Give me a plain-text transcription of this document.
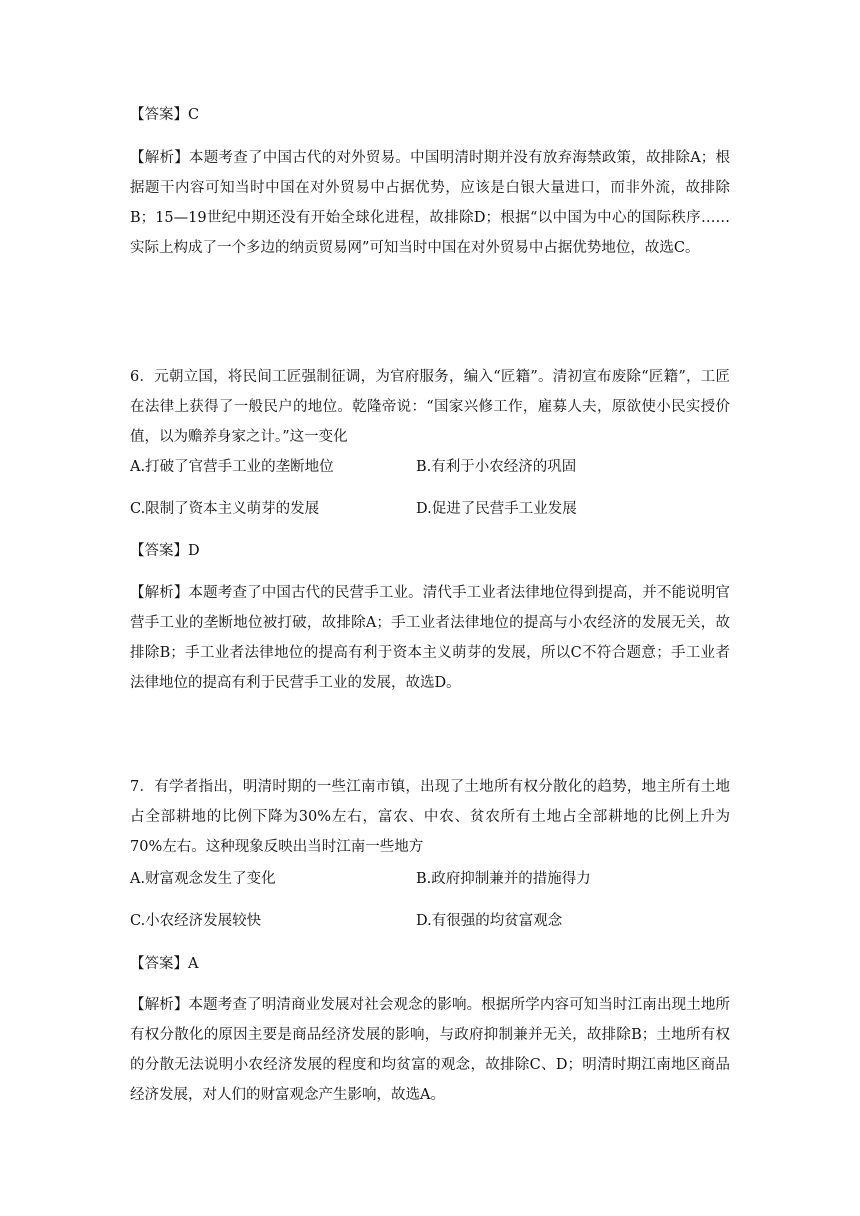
【答案】C
【解析】本题考查了中国古代的对外贸易。中国明清时期并没有放弃海禁政策，故排除A；根据题干内容可知当时中国在对外贸易中占据优势，应该是白银大量进口，而非外流，故排除B；15—19世纪中期还没有开始全球化进程，故排除D；根据“以中国为中心的国际秩序……实际上构成了一个多边的纳贡贸易网”可知当时中国在对外贸易中占据优势地位，故选C。
6．元朝立国，将民间工匠强制征调，为官府服务，编入“匠籍”。清初宣布废除“匠籍”，工匠在法律上获得了一般民户的地位。乾隆帝说：“国家兴修工作，雇募人夫，原欲使小民实授价值，以为赡养身家之计。”这一变化
A.打破了官营手工业的垄断地位	B.有利于小农经济的巩固
C.限制了资本主义萌芽的发展	D.促进了民营手工业发展
【答案】D
【解析】本题考查了中国古代的民营手工业。清代手工业者法律地位得到提高，并不能说明官营手工业的垄断地位被打破，故排除A；手工业者法律地位的提高与小农经济的发展无关，故排除B；手工业者法律地位的提高有利于资本主义萌芽的发展，所以C不符合题意；手工业者法律地位的提高有利于民营手工业的发展，故选D。
7．有学者指出，明清时期的一些江南市镇，出现了土地所有权分散化的趋势，地主所有土地占全部耕地的比例下降为30%左右，富农、中农、贫农所有土地占全部耕地的比例上升为70%左右。这种现象反映出当时江南一些地方
A.财富观念发生了变化	B.政府抑制兼并的措施得力
C.小农经济发展较快	D.有很强的均贫富观念
【答案】A
【解析】本题考查了明清商业发展对社会观念的影响。根据所学内容可知当时江南出现土地所有权分散化的原因主要是商品经济发展的影响，与政府抑制兼并无关，故排除B；土地所有权的分散无法说明小农经济发展的程度和均贫富的观念，故排除C、D；明清时期江南地区商品经济发展，对人们的财富观念产生影响，故选A。
